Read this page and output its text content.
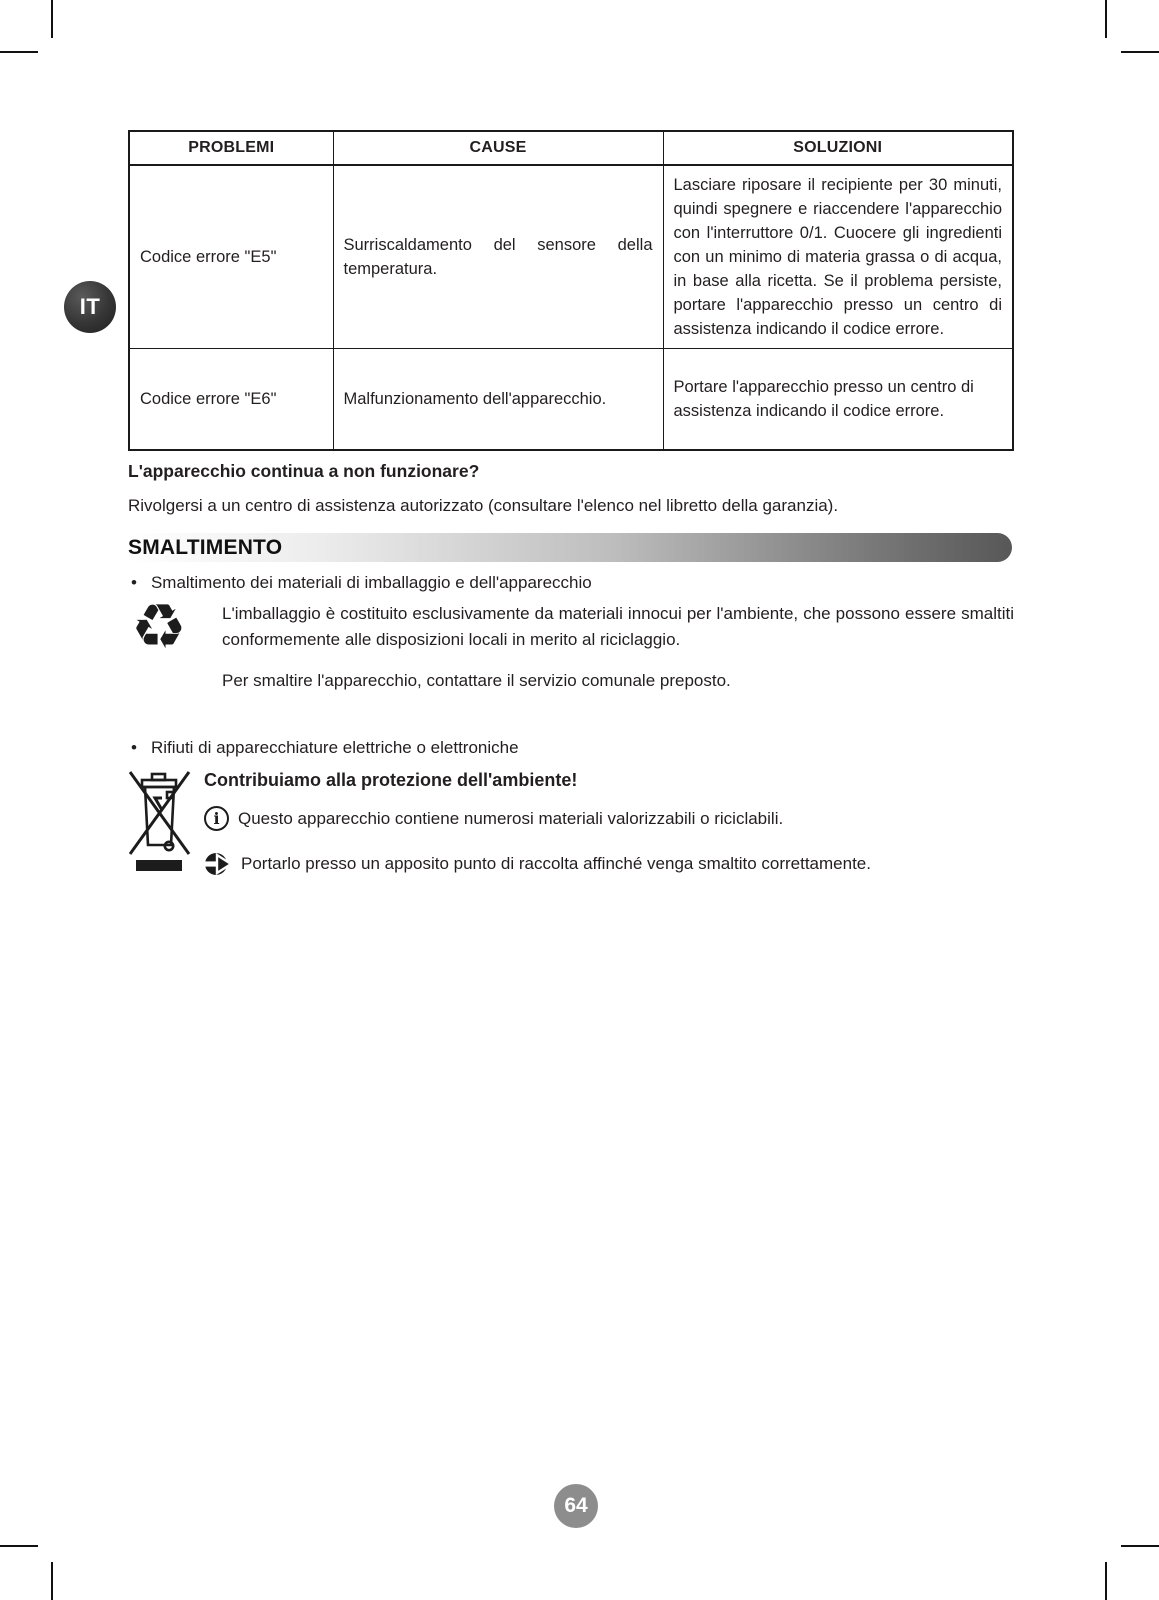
IT
PROBLEMI	CAUSE	SOLUZIONI
Codice errore "E5"	Surriscaldamento del sensore della temperatura.	Lasciare riposare il recipiente per 30 minuti, quindi spegnere e riaccendere l'apparecchio con l'interruttore 0/1. Cuocere gli ingredienti con un minimo di materia grassa o di acqua, in base alla ricetta. Se il problema persiste, portare l'apparecchio presso un centro di assistenza indicando il codice errore.
Codice errore "E6"	Malfunzionamento dell'apparecchio.	Portare l'apparecchio presso un centro di assistenza indicando il codice errore.
L'apparecchio continua a non funzionare?
Rivolgersi a un centro di assistenza autorizzato (consultare l'elenco nel libretto della garanzia).
SMALTIMENTO
• Smaltimento dei materiali di imballaggio e dell'apparecchio
♻ L'imballaggio è costituito esclusivamente da materiali innocui per l'ambiente, che possono essere smaltiti conformemente alle disposizioni locali in merito al riciclaggio.
Per smaltire l'apparecchio, contattare il servizio comunale preposto.
• Rifiuti di apparecchiature elettriche o elettroniche
Contribuiamo alla protezione dell'ambiente!
i	Questo apparecchio contiene numerosi materiali valorizzabili o riciclabili.
Portarlo presso un apposito punto di raccolta affinché venga smaltito correttamente.
64
